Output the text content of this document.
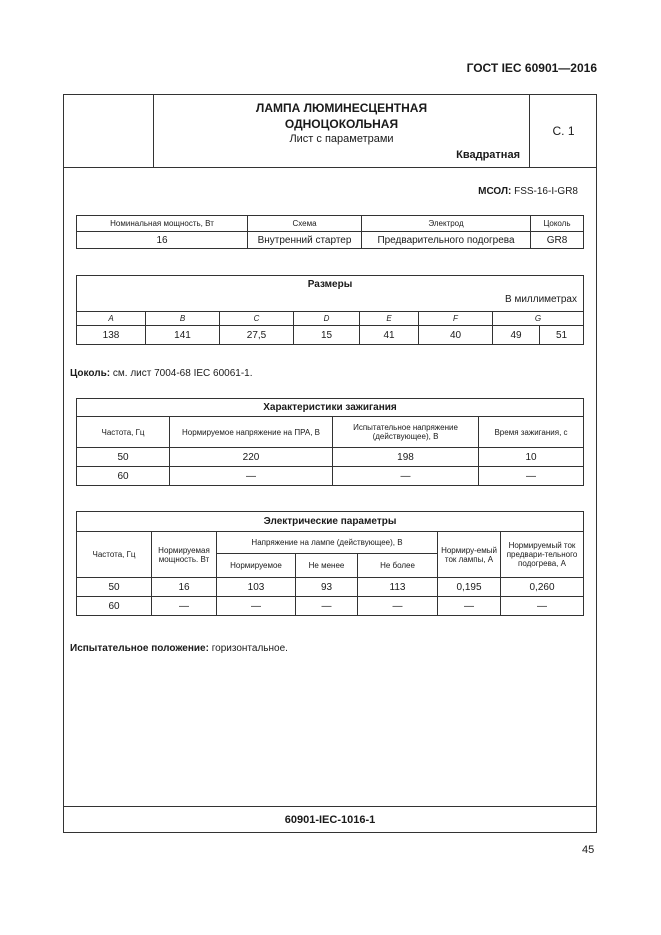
ГОСТ IEC 60901—2016
ЛАМПА ЛЮМИНЕСЦЕНТНАЯ
ОДНОЦОКОЛЬНАЯ
Лист с параметрами
Квадратная
С. 1
МСОЛ: FSS-16-I-GR8
Номинальная мощность, Вт	Схема	Электрод	Цоколь
16	Внутренний стартер	Предварительного подогрева	GR8
Размеры
В миллиметрах							

A	B	C	D	E	F	G	
138	141	27,5	15	41	40	49	51
Цоколь: см. лист 7004-68 IEC 60061-1.
Характеристики зажигания			
Частота, Гц	Нормируемое напряжение на ПРА, В	Испытательное напряжение (действующее), В	Время зажигания, с
50	220	198	10
60	—	—	—
Электрические параметры						
Частота, Гц	Нормируемая мощность. Вт	Напряжение на лампе (действующее), В			Нормиру-емый ток лампы, А	Нормируемый ток предвари-тельного подогрева, А
		Нормируемое	Не менее	Не более		
50	16	103	93	113	0,195	0,260
60	—	—	—	—	—	—
Испытательное положение: горизонтальное.
60901-IEC-1016-1
45
